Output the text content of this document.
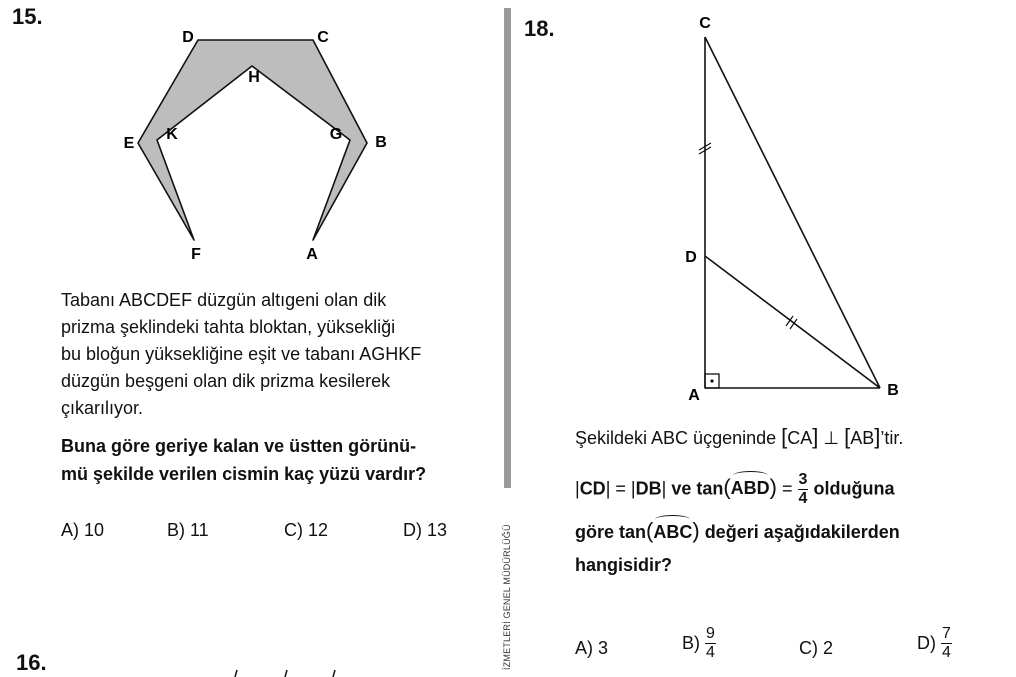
15.
D	C
H
E
K	G B
F	A
Tabanı ABCDEF düzgün altıgeni olan dik
prizma şeklindeki tahta bloktan, yüksekliği
bu bloğun yüksekliğine eşit ve tabanı AGHKF
düzgün beşgeni olan dik prizma kesilerek
çıkarılıyor.
Buna göre geriye kalan ve üstten görünü-
mü şekilde verilen cismin kaç yüzü vardır?
A) 10	B) 11	C) 12	D) 13
16.	İZMETLERİ GENEL MÜDÜRLÜĞÜ
18.	C
D
A	B
Şekildeki ABC üçgeninde [CA] ⊥ [AB]’tir.
|CD| = |DB| ve tan(
$ABD) = \frac{3}{4}$ olduğuna
göre tan(
ABC) değeri aşağıdakilerden
hangisidir?
A) 3	$B) \frac{9}{4}$	C) 2	$D) \frac{7}{4}$
